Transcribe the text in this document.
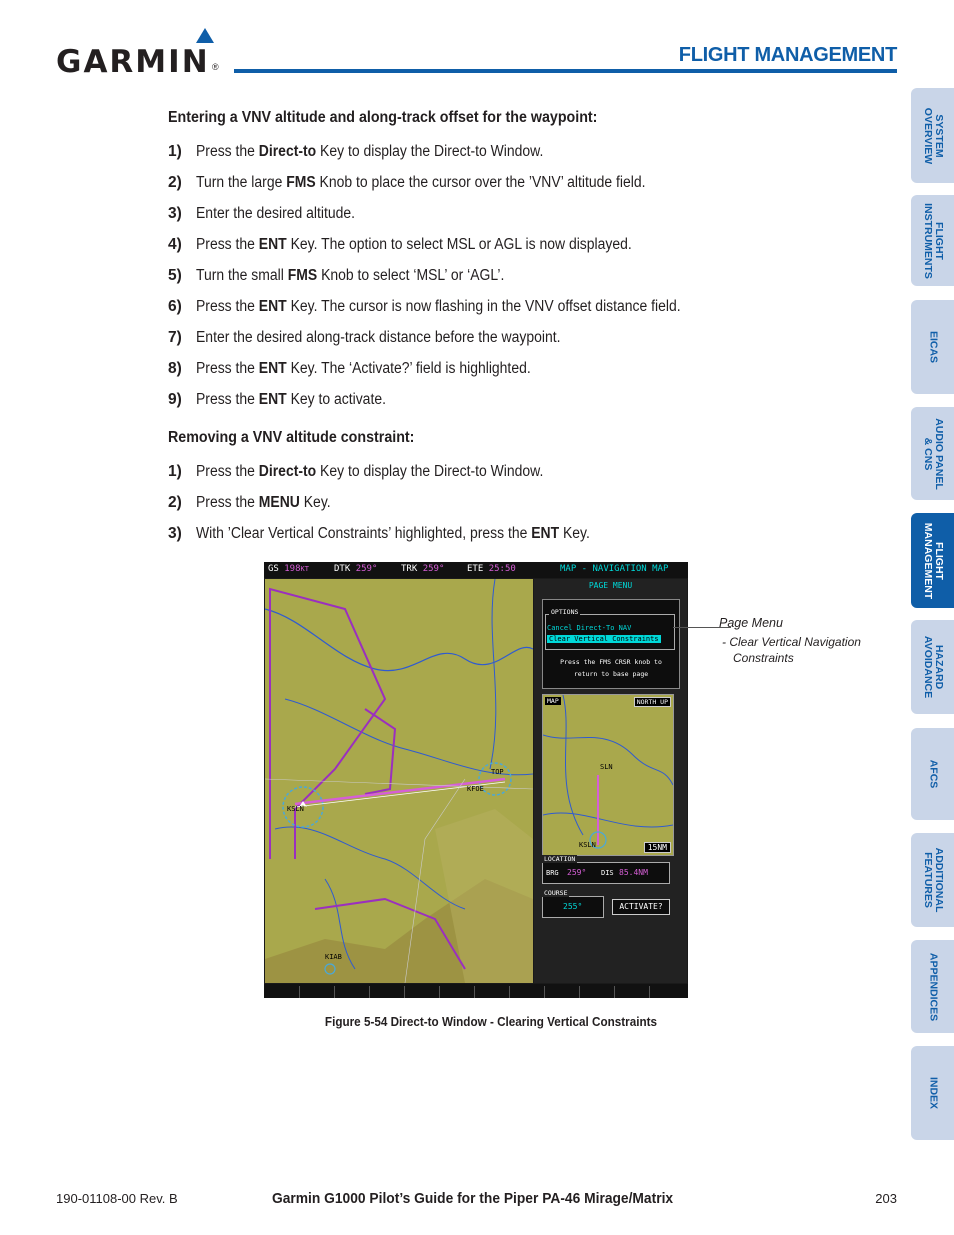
GARMIN ®
FLIGHT MANAGEMENT
Entering a VNV altitude and along-track offset for the waypoint:
1) Press the Direct-to Key to display the Direct-to Window.
2) Turn the large FMS Knob to place the cursor over the ’VNV’ altitude field.
3) Enter the desired altitude.
4) Press the ENT Key. The option to select MSL or AGL is now displayed.
5) Turn the small FMS Knob to select ‘MSL’ or ‘AGL’.
6) Press the ENT Key. The cursor is now flashing in the VNV offset distance field.
7) Enter the desired along-track distance before the waypoint.
8) Press the ENT Key. The ‘Activate?’ field is highlighted.
9) Press the ENT Key to activate.
Removing a VNV altitude constraint:
1) Press the Direct-to Key to display the Direct-to Window.
2) Press the MENU Key.
3) With ’Clear Vertical Constraints’ highlighted, press the ENT Key.
GS 198KT	DTK 259°	TRK 259°	ETE 25:50	MAP - NAVIGATION MAP
KSLN
KFOE
TOP
KIAB
PAGE MENU
OPTIONS
Cancel Direct-To NAV
Clear Vertical Constraints
Press the FMS CRSR knob to
return to base page
SLN
KSLN
MAP	NORTH UP
15NM
LOCATION
BRG 259° DIS 85.4NM
COURSE
255°	ACTIVATE?
Page Menu
- Clear Vertical Navigation
Constraints
Figure 5-54 Direct-to Window - Clearing Vertical Constraints
SYSTEM
OVERVIEW
FLIGHT
INSTRUMENTS
EICAS
AUDIO PANEL
& CNS
FLIGHT
MANAGEMENT
HAZARD
AVOIDANCE
AFCS
ADDITIONAL
FEATURES
APPENDICES
INDEX
190-01108-00 Rev. B	Garmin G1000 Pilot’s Guide for the Piper PA-46 Mirage/Matrix	203
